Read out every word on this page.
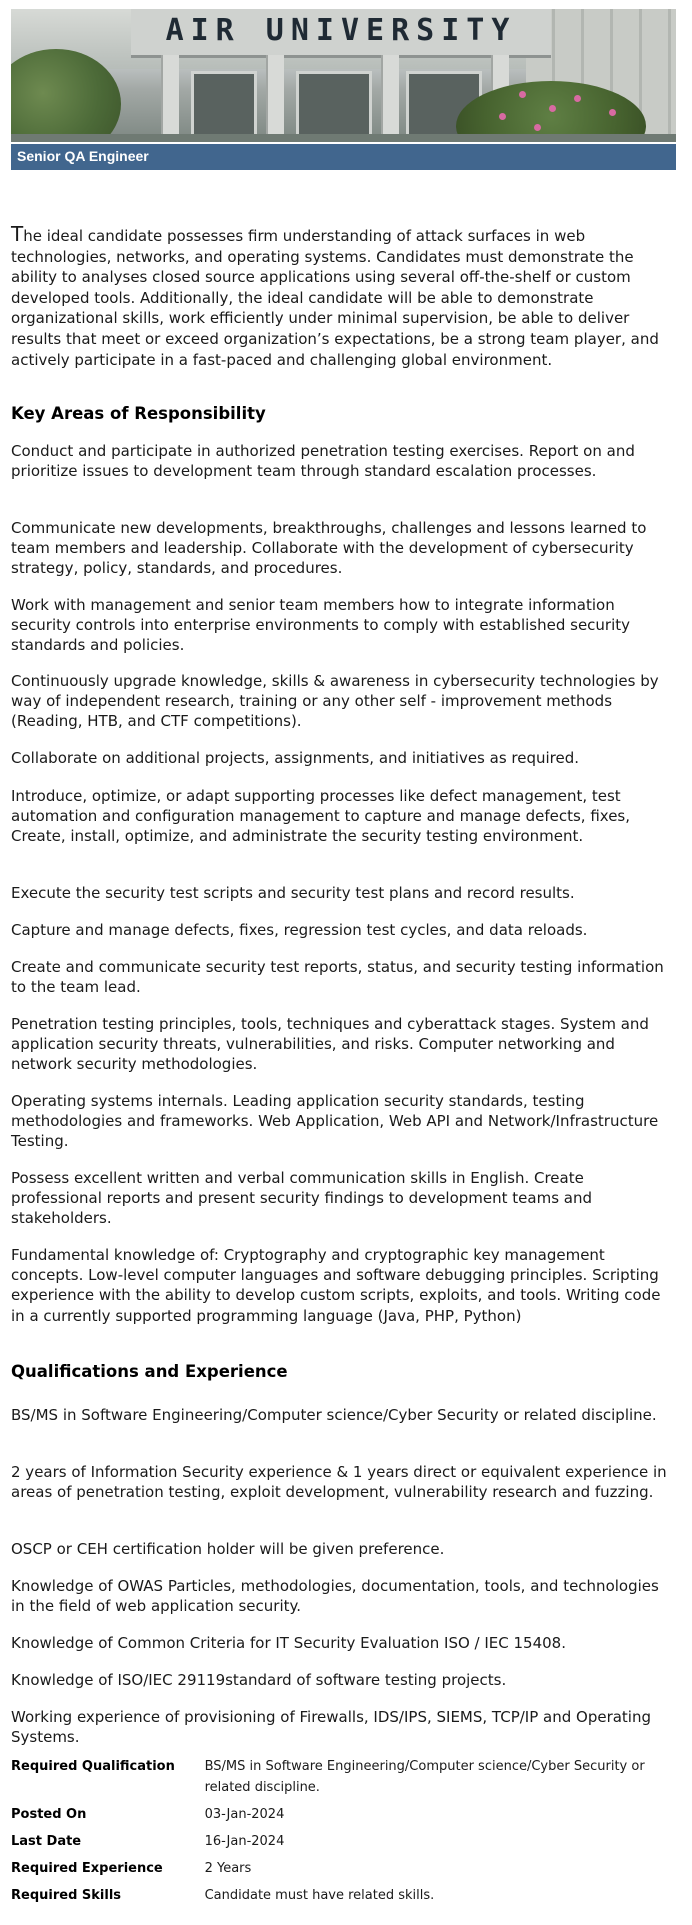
AIR UNIVERSITY
Senior QA Engineer

The ideal candidate possesses firm understanding of attack surfaces in web technologies, networks, and operating systems. Candidates must demonstrate the ability to analyses closed source applications using several off-the-shelf or custom developed tools. Additionally, the ideal candidate will be able to demonstrate organizational skills, work efficiently under minimal supervision, be able to deliver results that meet or exceed organization’s expectations, be a strong team player, and actively participate in a fast-paced and challenging global environment.

Key Areas of Responsibility

Conduct and participate in authorized penetration testing exercises. Report on and prioritize issues to development team through standard escalation processes.

Communicate new developments, breakthroughs, challenges and lessons learned to team members and leadership. Collaborate with the development of cybersecurity strategy, policy, standards, and procedures.

Work with management and senior team members how to integrate information security controls into enterprise environments to comply with established security standards and policies.

Continuously upgrade knowledge, skills & awareness in cybersecurity technologies by way of independent research, training or any other self - improvement methods (Reading, HTB, and CTF competitions).

Collaborate on additional projects, assignments, and initiatives as required.

Introduce, optimize, or adapt supporting processes like defect management, test automation and configuration management to capture and manage defects, fixes, Create, install, optimize, and administrate the security testing environment.

Execute the security test scripts and security test plans and record results.

Capture and manage defects, fixes, regression test cycles, and data reloads.

Create and communicate security test reports, status, and security testing information to the team lead.

Penetration testing principles, tools, techniques and cyberattack stages. System and application security threats, vulnerabilities, and risks. Computer networking and network security methodologies.

Operating systems internals. Leading application security standards, testing methodologies and frameworks. Web Application, Web API and Network/Infrastructure Testing.

Possess excellent written and verbal communication skills in English. Create professional reports and present security findings to development teams and stakeholders.

Fundamental knowledge of: Cryptography and cryptographic key management concepts. Low-level computer languages and software debugging principles. Scripting experience with the ability to develop custom scripts, exploits, and tools. Writing code in a currently supported programming language (Java, PHP, Python)

Qualifications and Experience

BS/MS in Software Engineering/Computer science/Cyber Security or related discipline.

2 years of Information Security experience & 1 years direct or equivalent experience in areas of penetration testing, exploit development, vulnerability research and fuzzing.

OSCP or CEH certification holder will be given preference.

Knowledge of OWAS Particles, methodologies, documentation, tools, and technologies in the field of web application security.

Knowledge of Common Criteria for IT Security Evaluation ISO / IEC 15408.

Knowledge of ISO/IEC 29119standard of software testing projects.

Working experience of provisioning of Firewalls, IDS/IPS, SIEMS, TCP/IP and Operating Systems.

Required Qualification	BS/MS in Software Engineering/Computer science/Cyber Security or related discipline.
Posted On	03-Jan-2024
Last Date	16-Jan-2024
Required Experience	2 Years
Required Skills	Candidate must have related skills.
